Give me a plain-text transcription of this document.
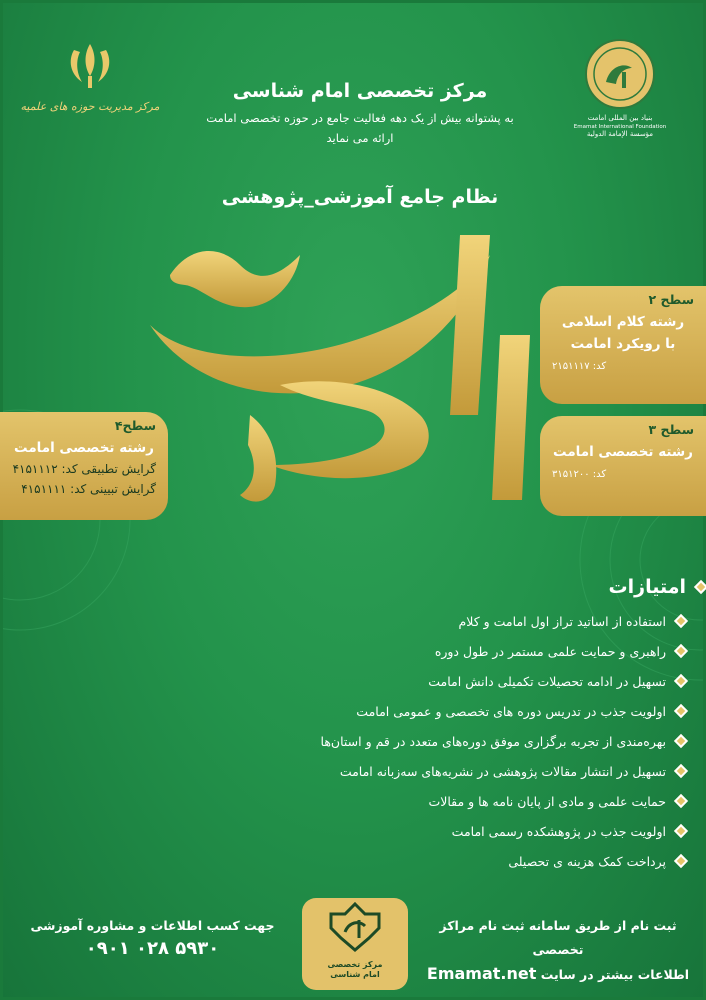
مرکز مدیریت حوزه های علمیه
بنیاد بین المللی امامت
Emamat International Foundation
مؤسسة الإمامة الدولية

مرکز تخصصی امام شناسی

به پشتوانه بیش از یک دهه فعالیت جامع در حوزه تخصصی امامت

ارائه می نماید

نظام جامع آموزشی_پژوهشی
سطح ۲
رشته کلام اسلامی
با رویکرد امامت
کد: ۲۱۵۱۱۱۷
سطح ۳
رشته تخصصی امامت
کد: ۳۱۵۱۲۰۰
سطح۴
رشته تخصصی امامت
گرایش تطبیقی کد: ۴۱۵۱۱۱۲
گرایش تبیینی کد: ۴۱۵۱۱۱۱
امتیازات
استفاده از اساتید تراز اول امامت و کلام
راهبری و حمایت علمی مستمر در طول دوره
تسهیل در ادامه تحصیلات تکمیلی دانش امامت
اولویت جذب در تدریس دوره های تخصصی و عمومی امامت
بهره‌مندی از تجربه برگزاری موفق دوره‌های متعدد در قم و استان‌ها
تسهیل در انتشار مقالات پژوهشی در نشریه‌های سه‌زبانه امامت
حمایت علمی و مادی از پایان نامه ها و مقالات
اولویت جذب در پژوهشکده رسمی امامت
پرداخت کمک هزینه ی تحصیلی
جهت کسب اطلاعات و مشاوره آموزشی
۰۹۰۱ ۰۲۸ ۵۹۳۰
مرکز تخصصی
امام شناسی
ثبت نام از طریق سامانه ثبت نام مراکز تخصصی
اطلاعات بیشتر در سایت Emamat.net
